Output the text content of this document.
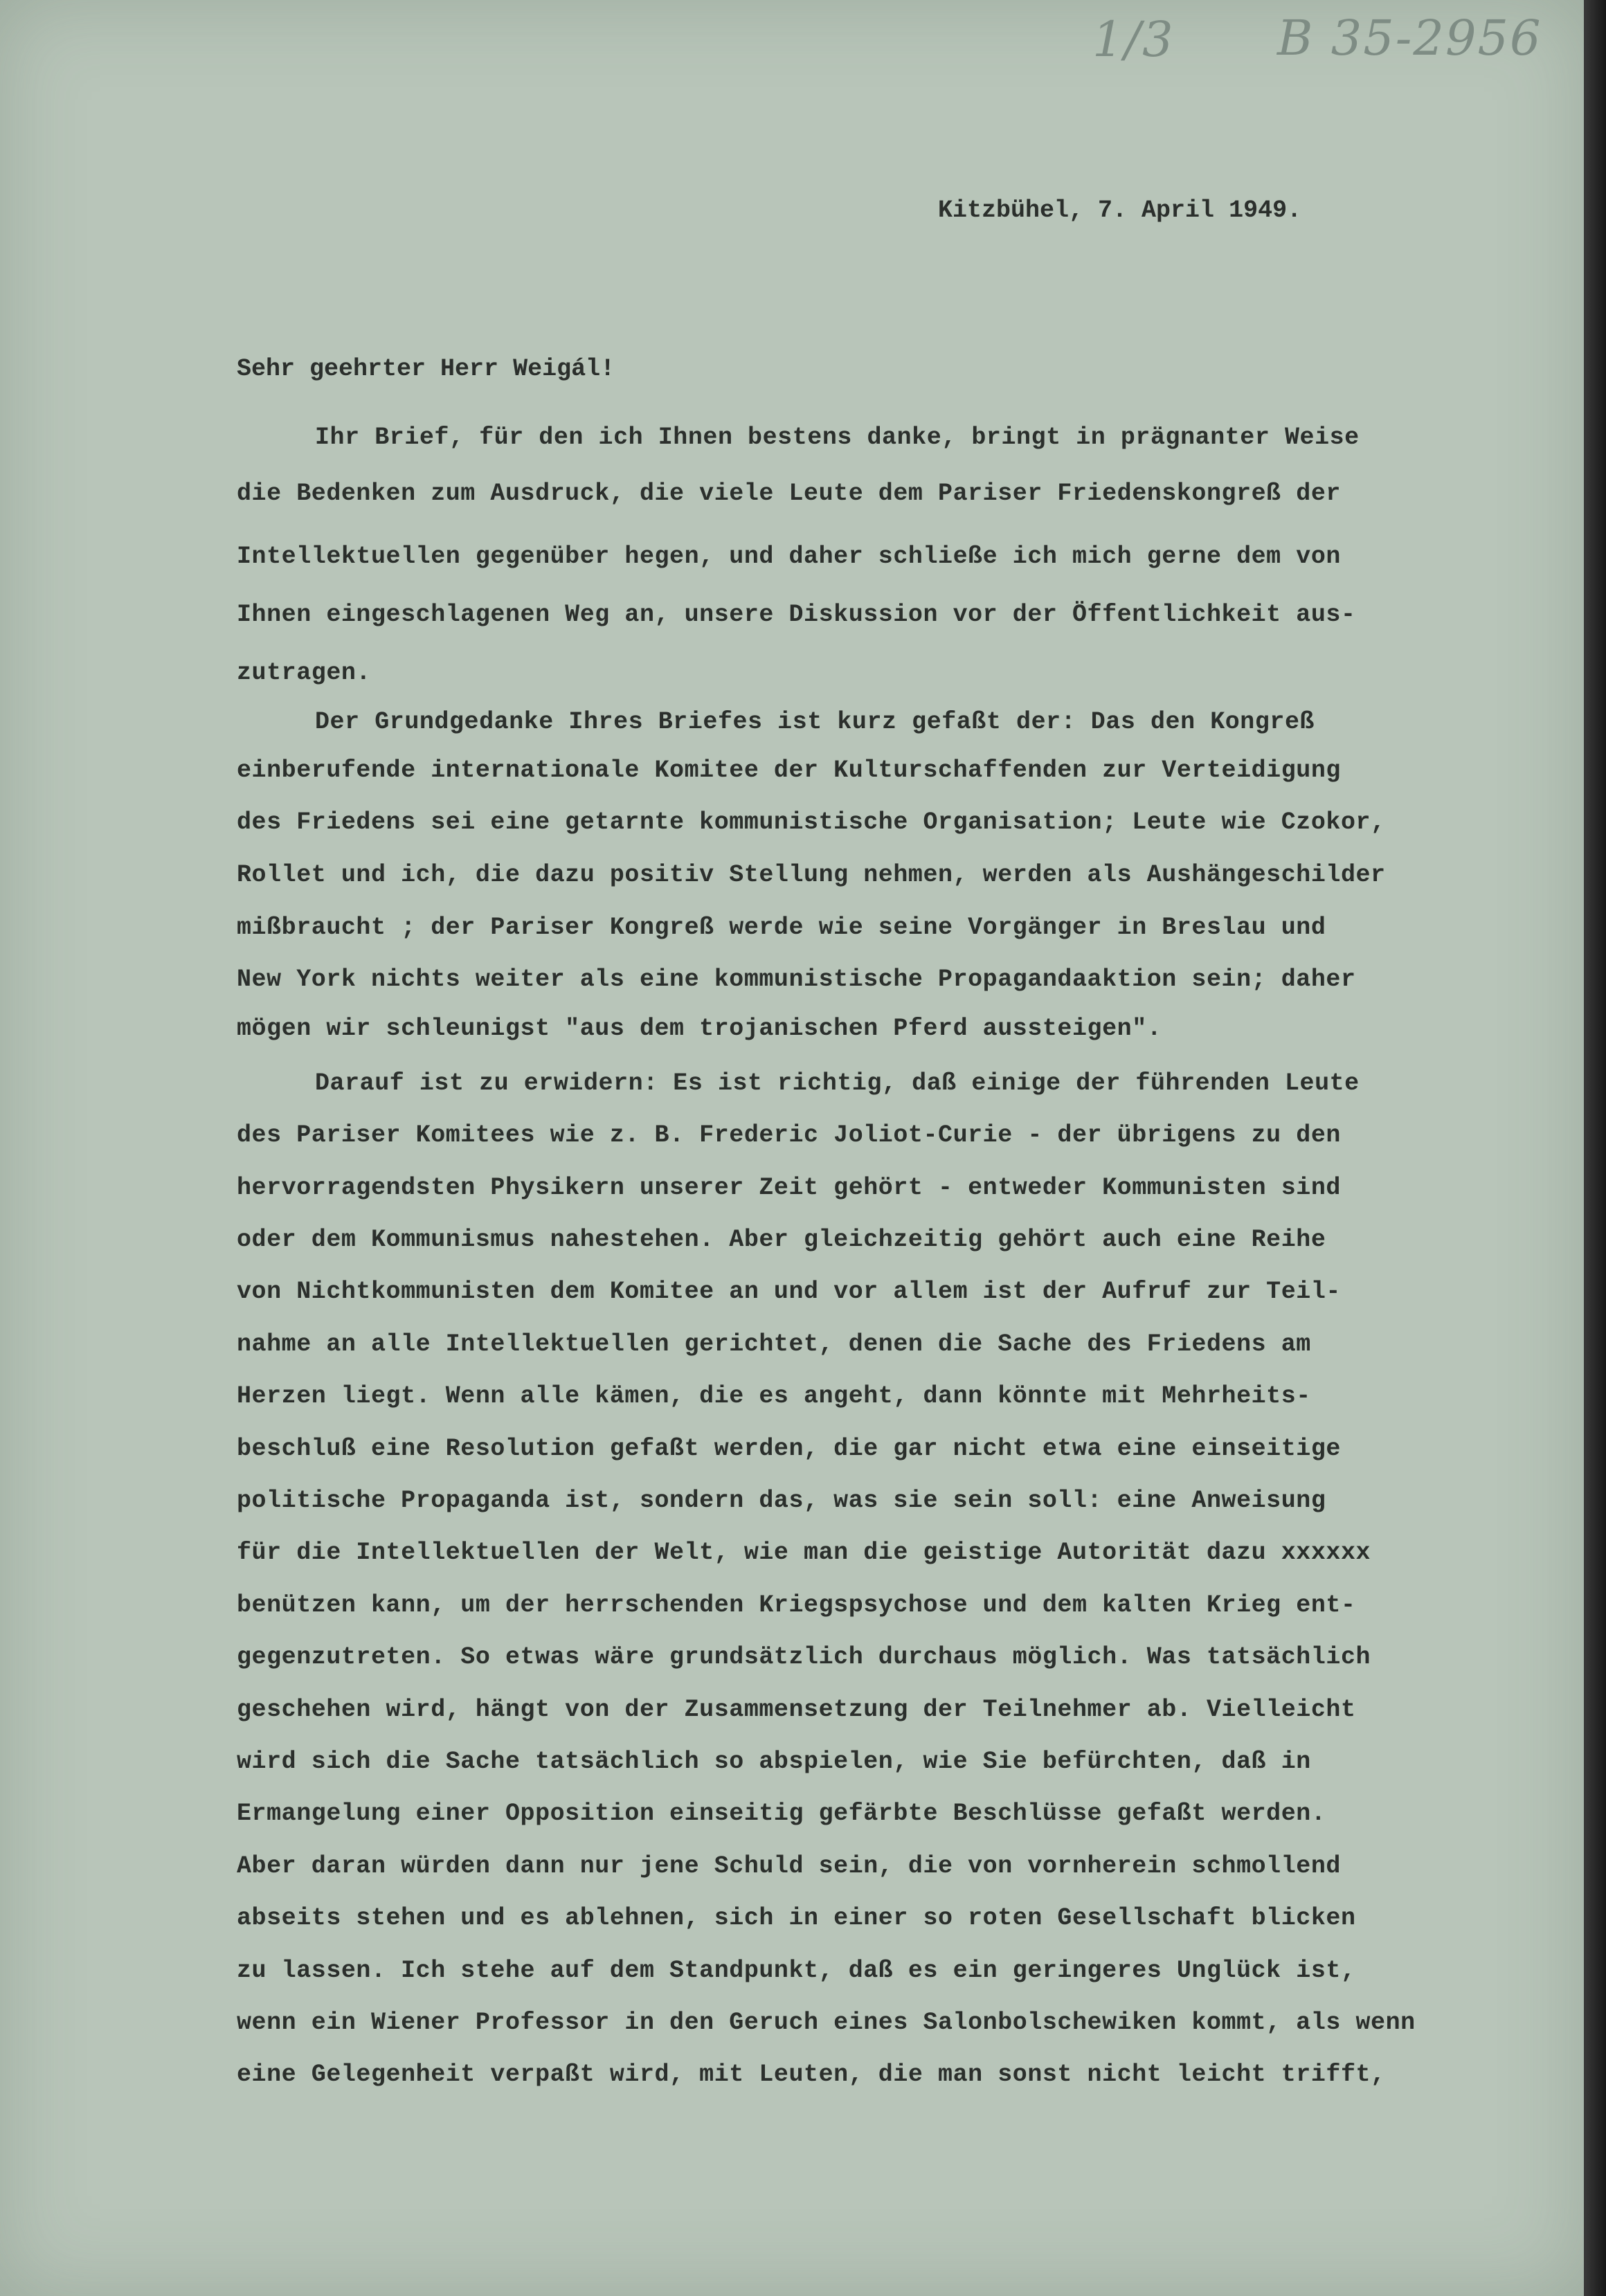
1/3 B 35-2956
Kitzbühel, 7. April 1949.
Sehr geehrter Herr Weigál!
Ihr Brief, für den ich Ihnen bestens danke, bringt in prägnanter Weise
die Bedenken zum Ausdruck, die viele Leute dem Pariser Friedenskongreß der
Intellektuellen gegenüber hegen, und daher schließe ich mich gerne dem von
Ihnen eingeschlagenen Weg an, unsere Diskussion vor der Öffentlichkeit aus-
zutragen.
Der Grundgedanke Ihres Briefes ist kurz gefaßt der: Das den Kongreß
einberufende internationale Komitee der Kulturschaffenden zur Verteidigung
des Friedens sei eine getarnte kommunistische Organisation; Leute wie Czokor,
Rollet und ich, die dazu positiv Stellung nehmen, werden als Aushängeschilder
mißbraucht ; der Pariser Kongreß werde wie seine Vorgänger in Breslau und
New York nichts weiter als eine kommunistische Propagandaaktion sein; daher
mögen wir schleunigst "aus dem trojanischen Pferd aussteigen".
Darauf ist zu erwidern: Es ist richtig, daß einige der führenden Leute
des Pariser Komitees wie z. B. Frederic Joliot-Curie - der übrigens zu den
hervorragendsten Physikern unserer Zeit gehört - entweder Kommunisten sind
oder dem Kommunismus nahestehen. Aber gleichzeitig gehört auch eine Reihe
von Nichtkommunisten dem Komitee an und vor allem ist der Aufruf zur Teil-
nahme an alle Intellektuellen gerichtet, denen die Sache des Friedens am
Herzen liegt. Wenn alle kämen, die es angeht, dann könnte mit Mehrheits-
beschluß eine Resolution gefaßt werden, die gar nicht etwa eine einseitige
politische Propaganda ist, sondern das, was sie sein soll: eine Anweisung
für die Intellektuellen der Welt, wie man die geistige Autorität dazu xxxxxx
benützen kann, um der herrschenden Kriegspsychose und dem kalten Krieg ent-
gegenzutreten. So etwas wäre grundsätzlich durchaus möglich. Was tatsächlich
geschehen wird, hängt von der Zusammensetzung der Teilnehmer ab. Vielleicht
wird sich die Sache tatsächlich so abspielen, wie Sie befürchten, daß in
Ermangelung einer Opposition einseitig gefärbte Beschlüsse gefaßt werden.
Aber daran würden dann nur jene Schuld sein, die von vornherein schmollend
abseits stehen und es ablehnen, sich in einer so roten Gesellschaft blicken
zu lassen. Ich stehe auf dem Standpunkt, daß es ein geringeres Unglück ist,
wenn ein Wiener Professor in den Geruch eines Salonbolschewiken kommt, als wenn
eine Gelegenheit verpaßt wird, mit Leuten, die man sonst nicht leicht trifft,
